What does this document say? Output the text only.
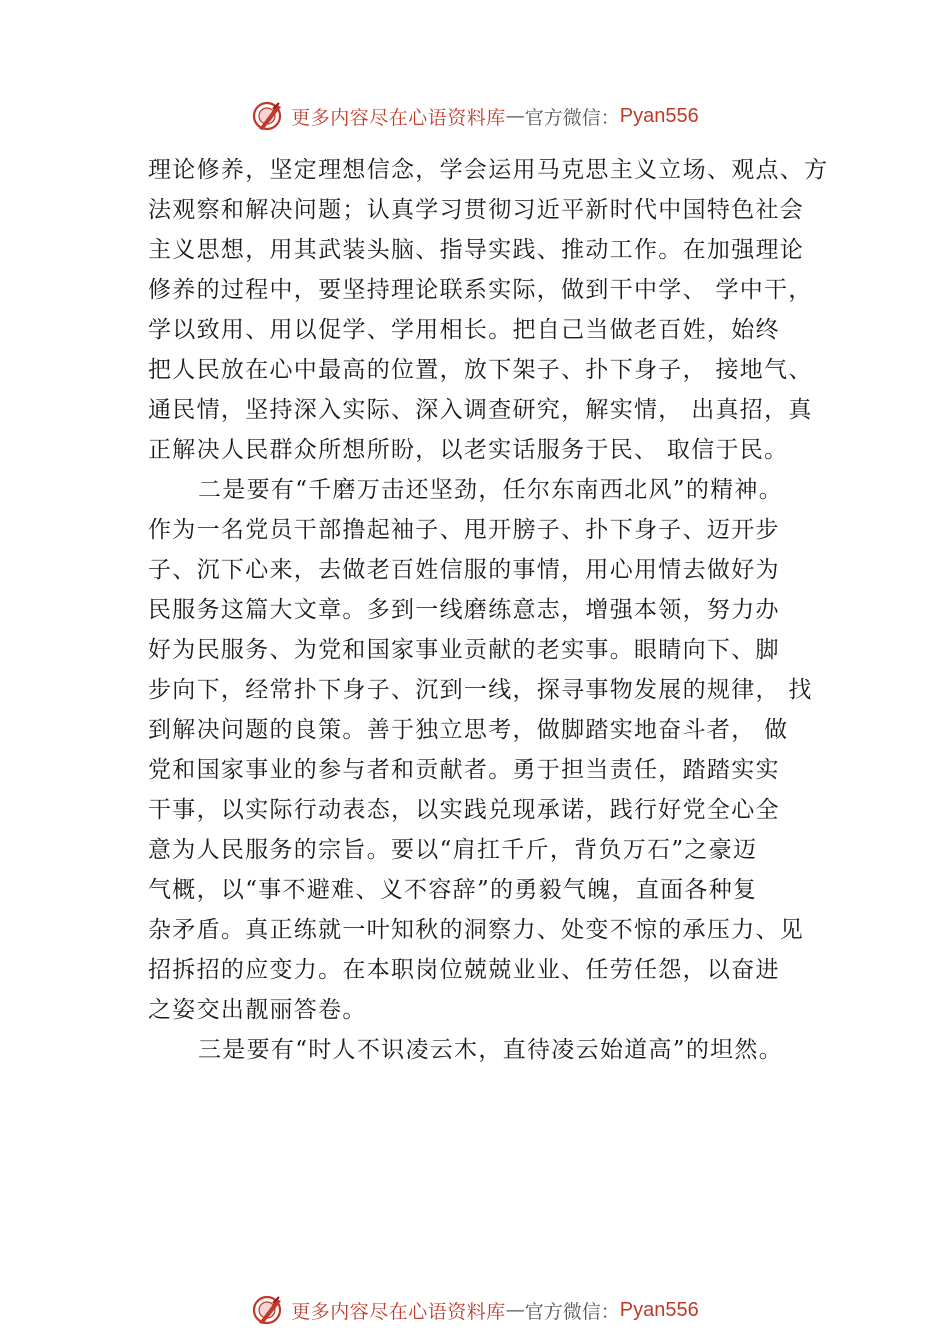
更多内容尽在心语资料库 — 官方微信： Pyan556
理论修养，坚定理想信念，学会运用马克思主义立场、观点、方
法观察和解决问题；认真学习贯彻习近平新时代中国特色社会
主义思想，用其武装头脑、指导实践、推动工作。在加强理论
修养的过程中，要坚持理论联系实际，做到干中学、 学中干，
学以致用、用以促学、学用相长。把自己当做老百姓，始终
把人民放在心中最高的位置，放下架子、扑下身子， 接地气、
通民情，坚持深入实际、深入调查研究，解实情， 出真招，真
正解决人民群众所想所盼，以老实话服务于民、 取信于民。
二是要有“千磨万击还坚劲，任尔东南西北风”的精神。
作为一名党员干部撸起袖子、甩开膀子、扑下身子、迈开步
子、沉下心来，去做老百姓信服的事情，用心用情去做好为
民服务这篇大文章。多到一线磨练意志，增强本领，努力办
好为民服务、为党和国家事业贡献的老实事。眼睛向下、脚
步向下，经常扑下身子、沉到一线，探寻事物发展的规律， 找
到解决问题的良策。善于独立思考，做脚踏实地奋斗者， 做
党和国家事业的参与者和贡献者。勇于担当责任，踏踏实实
干事，以实际行动表态，以实践兑现承诺，践行好党全心全
意为人民服务的宗旨。要以“肩扛千斤，背负万石”之豪迈
气概，以“事不避难、义不容辞”的勇毅气魄，直面各种复
杂矛盾。真正练就一叶知秋的洞察力、处变不惊的承压力、见
招拆招的应变力。在本职岗位兢兢业业、任劳任怨，以奋进
之姿交出靓丽答卷。
三是要有“时人不识凌云木，直待凌云始道高”的坦然。
更多内容尽在心语资料库 — 官方微信： Pyan556
